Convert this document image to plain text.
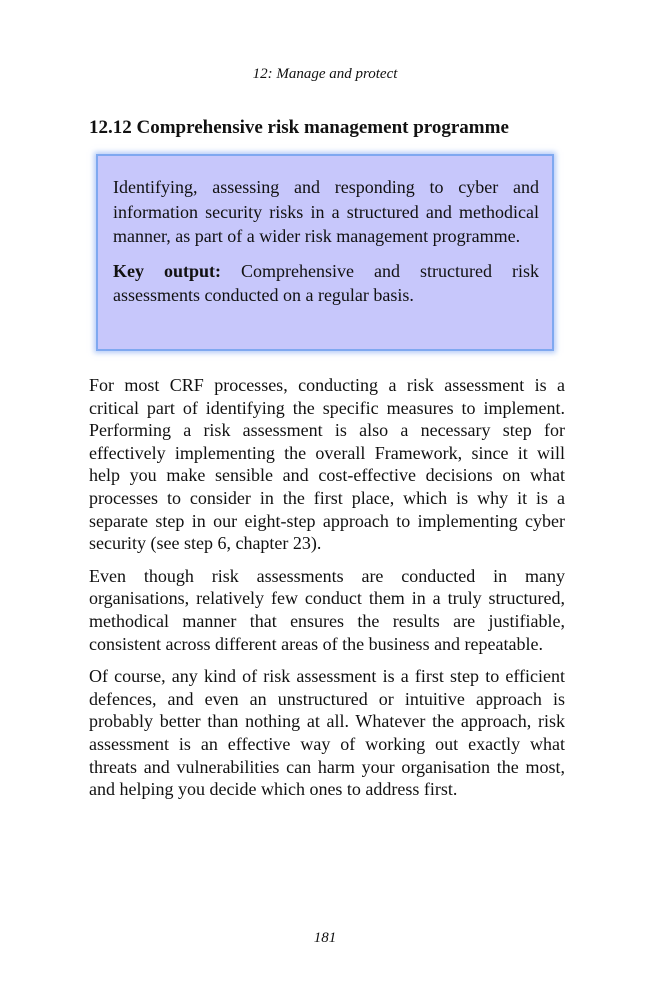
12: Manage and protect
12.12 Comprehensive risk management programme

Identifying, assessing and responding to cyber and information security risks in a structured and methodical manner, as part of a wider risk management programme.

Key output: Comprehensive and structured risk assessments conducted on a regular basis.

For most CRF processes, conducting a risk assessment is a critical part of identifying the specific measures to implement. Performing a risk assessment is also a necessary step for effectively implementing the overall Framework, since it will help you make sensible and cost-effective decisions on what processes to consider in the first place, which is why it is a separate step in our eight-step approach to implementing cyber security (see step 6, chapter 23).

Even though risk assessments are conducted in many organisations, relatively few conduct them in a truly structured, methodical manner that ensures the results are justifiable, consistent across different areas of the business and repeatable.

Of course, any kind of risk assessment is a first step to efficient defences, and even an unstructured or intuitive approach is probably better than nothing at all. Whatever the approach, risk assessment is an effective way of working out exactly what threats and vulnerabilities can harm your organisation the most, and helping you decide which ones to address first.

181
